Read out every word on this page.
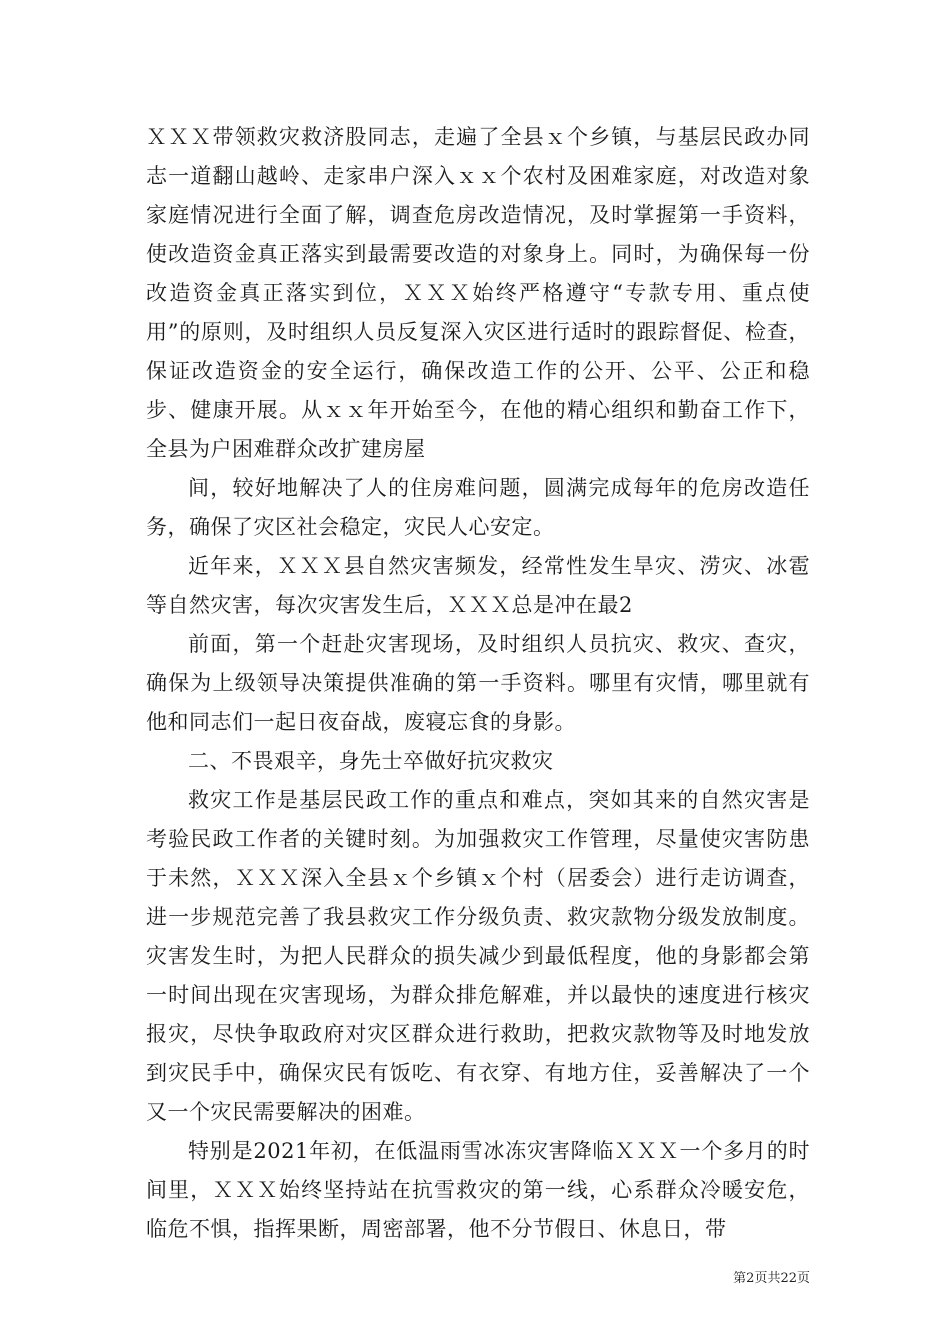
ＸＸＸ带领救灾救济股同志，走遍了全县ｘ个乡镇，与基层民政办同志一道翻山越岭、走家串户深入ｘｘ个农村及困难家庭，对改造对象家庭情况进行全面了解，调查危房改造情况，及时掌握第一手资料，使改造资金真正落实到最需要改造的对象身上。同时，为确保每一份改造资金真正落实到位，ＸＸＸ始终严格遵守“专款专用、重点使用”的原则，及时组织人员反复深入灾区进行适时的跟踪督促、检查，保证改造资金的安全运行，确保改造工作的公开、公平、公正和稳步、健康开展。从ｘｘ年开始至今，在他的精心组织和勤奋工作下，全县为户困难群众改扩建房屋

间，较好地解决了人的住房难问题，圆满完成每年的危房改造任务，确保了灾区社会稳定，灾民人心安定。

近年来，ＸＸＸ县自然灾害频发，经常性发生旱灾、涝灾、冰雹等自然灾害，每次灾害发生后，ＸＸＸ总是冲在最2

前面，第一个赶赴灾害现场，及时组织人员抗灾、救灾、查灾，确保为上级领导决策提供准确的第一手资料。哪里有灾情，哪里就有他和同志们一起日夜奋战，废寝忘食的身影。

二、不畏艰辛，身先士卒做好抗灾救灾

救灾工作是基层民政工作的重点和难点，突如其来的自然灾害是考验民政工作者的关键时刻。为加强救灾工作管理，尽量使灾害防患于未然，ＸＸＸ深入全县ｘ个乡镇ｘ个村（居委会）进行走访调查，进一步规范完善了我县救灾工作分级负责、救灾款物分级发放制度。灾害发生时，为把人民群众的损失减少到最低程度，他的身影都会第一时间出现在灾害现场，为群众排危解难，并以最快的速度进行核灾报灾，尽快争取政府对灾区群众进行救助，把救灾款物等及时地发放到灾民手中，确保灾民有饭吃、有衣穿、有地方住，妥善解决了一个又一个灾民需要解决的困难。

特别是2021年初，在低温雨雪冰冻灾害降临ＸＸＸ一个多月的时间里，ＸＸＸ始终坚持站在抗雪救灾的第一线，心系群众冷暖安危，临危不惧，指挥果断，周密部署，他不分节假日、休息日，带

第2页共22页
